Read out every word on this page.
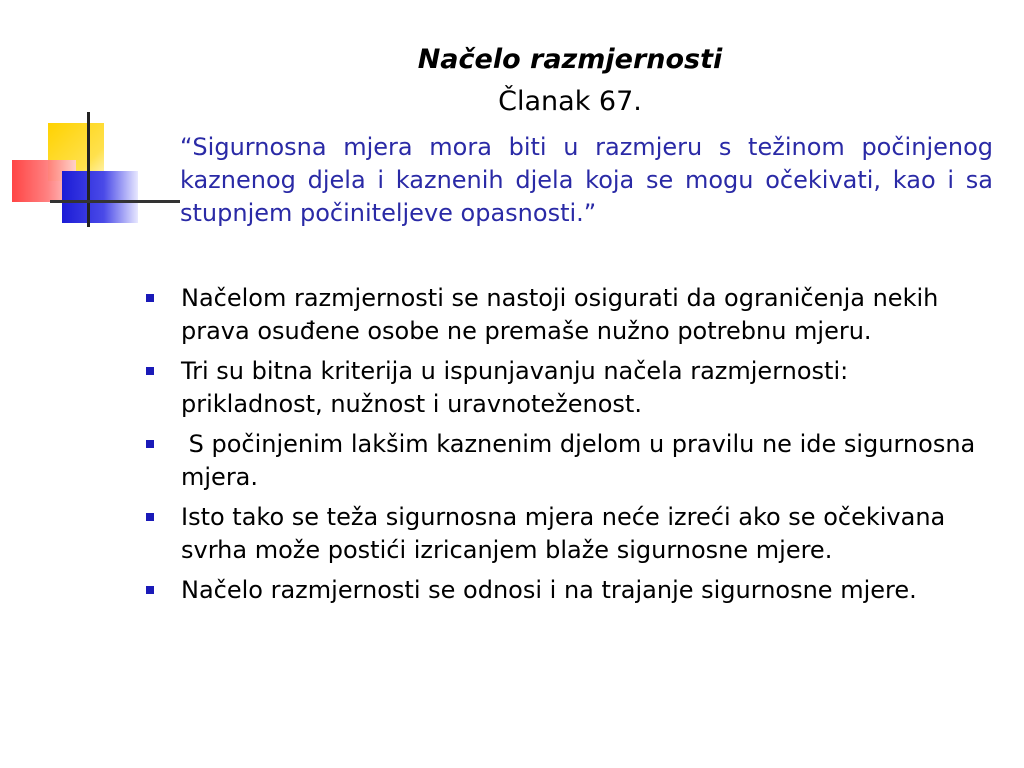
Načelo razmjernosti
Članak 67.
“Sigurnosna mjera mora biti u razmjeru s težinom počinjenog kaznenog djela i kaznenih djela koja se mogu očekivati, kao i sa stupnjem počiniteljeve opasnosti.”
Načelom razmjernosti se nastoji osigurati da ograničenja nekih prava osuđene osobe ne premaše nužno potrebnu mjeru.
Tri su bitna kriterija u ispunjavanju načela razmjernosti: prikladnost, nužnost i uravnoteženost.
S počinjenim lakšim kaznenim djelom u pravilu ne ide sigurnosna mjera.
Isto tako se teža sigurnosna mjera neće izreći ako se očekivana svrha može postići izricanjem blaže sigurnosne mjere.
Načelo razmjernosti se odnosi i na trajanje sigurnosne mjere.
